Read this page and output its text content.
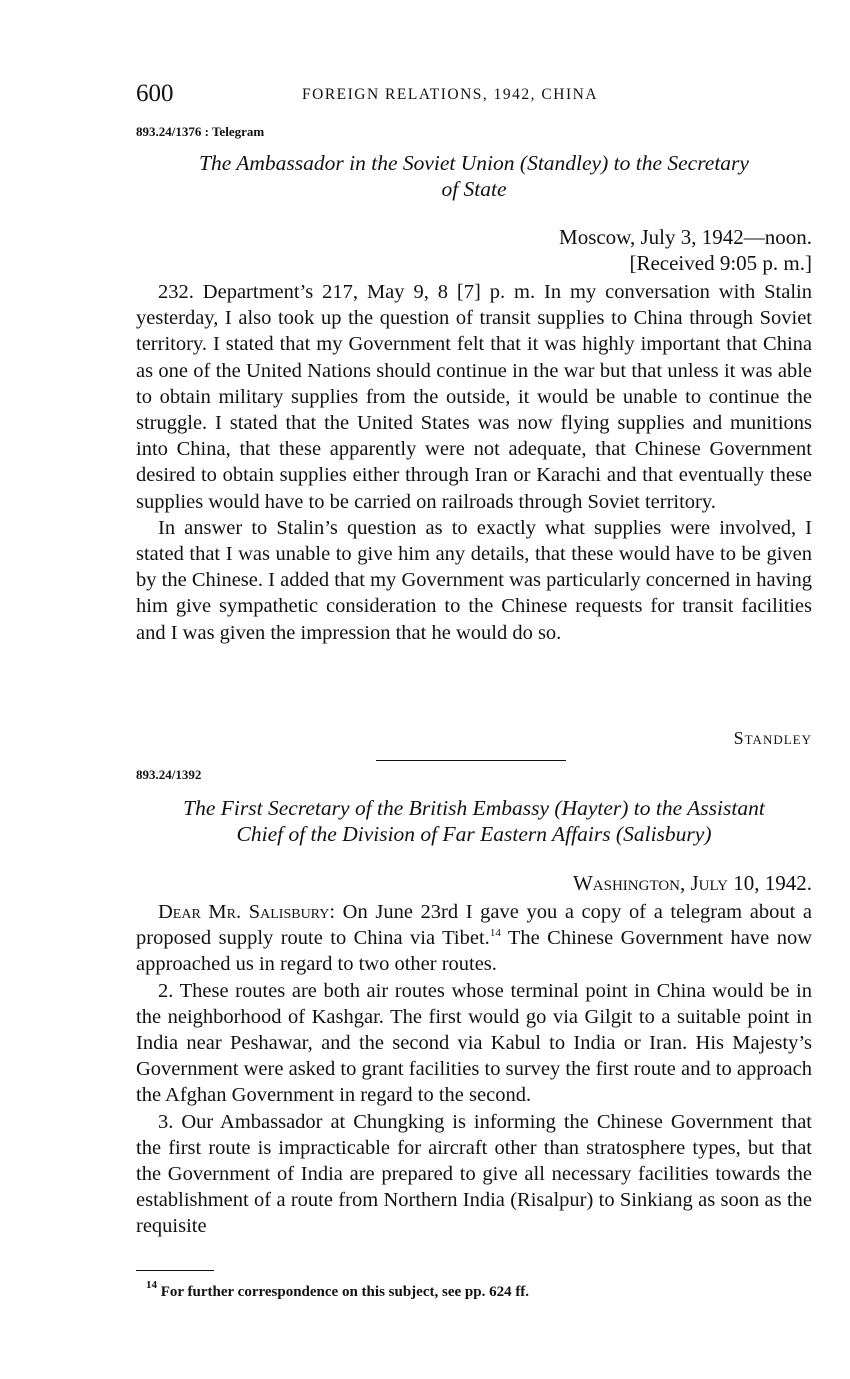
600	FOREIGN RELATIONS, 1942, CHINA
893.24/1376 : Telegram
The Ambassador in the Soviet Union (Standley) to the Secretary
of State
Moscow, July 3, 1942—noon.
[Received 9:05 p. m.]

232. Department’s 217, May 9, 8 [7] p. m. In my conversation with Stalin yesterday, I also took up the question of transit supplies to China through Soviet territory. I stated that my Government felt that it was highly important that China as one of the United Nations should continue in the war but that unless it was able to obtain military supplies from the outside, it would be unable to continue the struggle. I stated that the United States was now flying supplies and munitions into China, that these apparently were not adequate, that Chinese Government desired to obtain supplies either through Iran or Karachi and that eventually these supplies would have to be carried on railroads through Soviet territory.

In answer to Stalin’s question as to exactly what supplies were involved, I stated that I was unable to give him any details, that these would have to be given by the Chinese. I added that my Government was particularly concerned in having him give sympathetic consideration to the Chinese requests for transit facilities and I was given the impression that he would do so.

Standley
893.24/1392
The First Secretary of the British Embassy (Hayter) to the Assistant
Chief of the Division of Far Eastern Affairs (Salisbury)
Washington, July 10, 1942.

Dear Mr. Salisbury: On June 23rd I gave you a copy of a telegram about a proposed supply route to China via Tibet.$^{14}$ The Chinese Government have now approached us in regard to two other routes.

2. These routes are both air routes whose terminal point in China would be in the neighborhood of Kashgar. The first would go via Gilgit to a suitable point in India near Peshawar, and the second via Kabul to India or Iran. His Majesty’s Government were asked to grant facilities to survey the first route and to approach the Afghan Government in regard to the second.

3. Our Ambassador at Chungking is informing the Chinese Government that the first route is impracticable for aircraft other than stratosphere types, but that the Government of India are prepared to give all necessary facilities towards the establishment of a route from Northern India (Risalpur) to Sinkiang as soon as the requisite

$^{14}$ For further correspondence on this subject, see pp. 624 ff.
